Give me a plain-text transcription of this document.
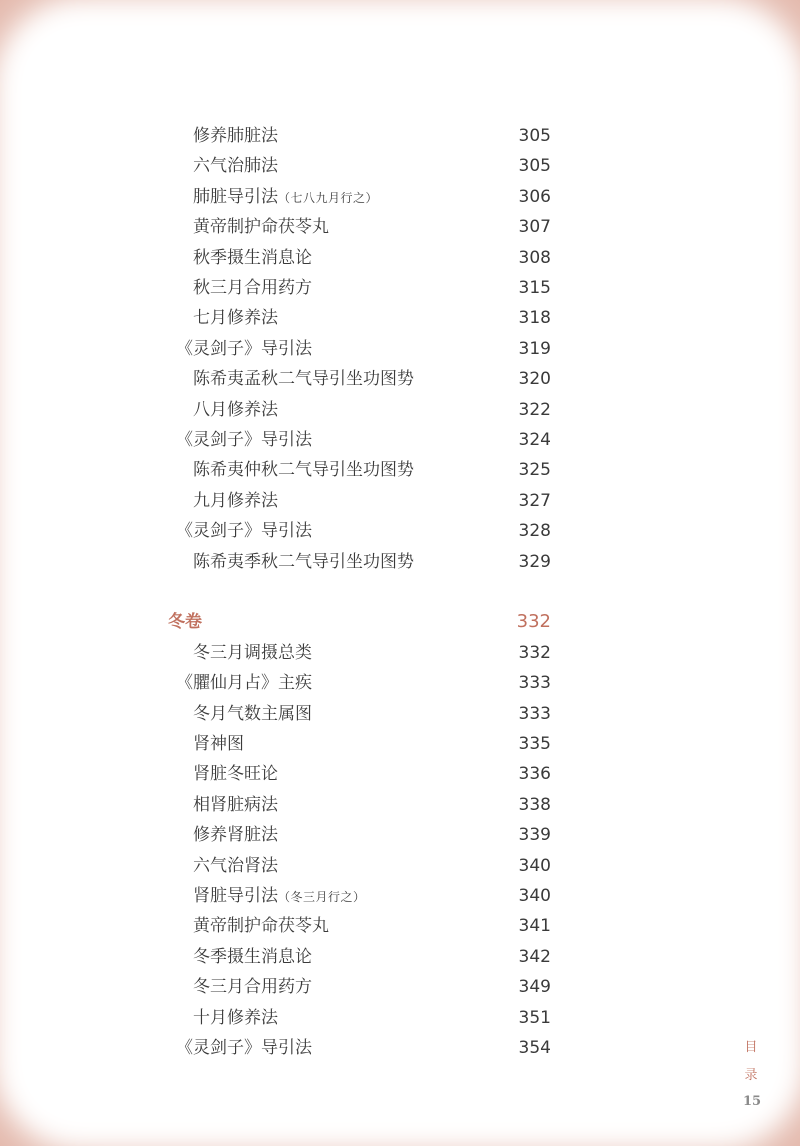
修养肺脏法	305
六气治肺法	305
肺脏导引法（七八九月行之）	306
黄帝制护命茯苓丸	307
秋季摄生消息论	308
秋三月合用药方	315
七月修养法	318
《灵剑子》导引法	319
陈希夷孟秋二气导引坐功图势	320
八月修养法	322
《灵剑子》导引法	324
陈希夷仲秋二气导引坐功图势	325
九月修养法	327
《灵剑子》导引法	328
陈希夷季秋二气导引坐功图势	329
冬卷	332
冬三月调摄总类	332
《臞仙月占》主疾	333
冬月气数主属图	333
肾神图	335
肾脏冬旺论	336
相肾脏病法	338
修养肾脏法	339
六气治肾法	340
肾脏导引法（冬三月行之）	340
黄帝制护命茯苓丸	341
冬季摄生消息论	342
冬三月合用药方	349
十月修养法	351
《灵剑子》导引法	354	目
录
15
